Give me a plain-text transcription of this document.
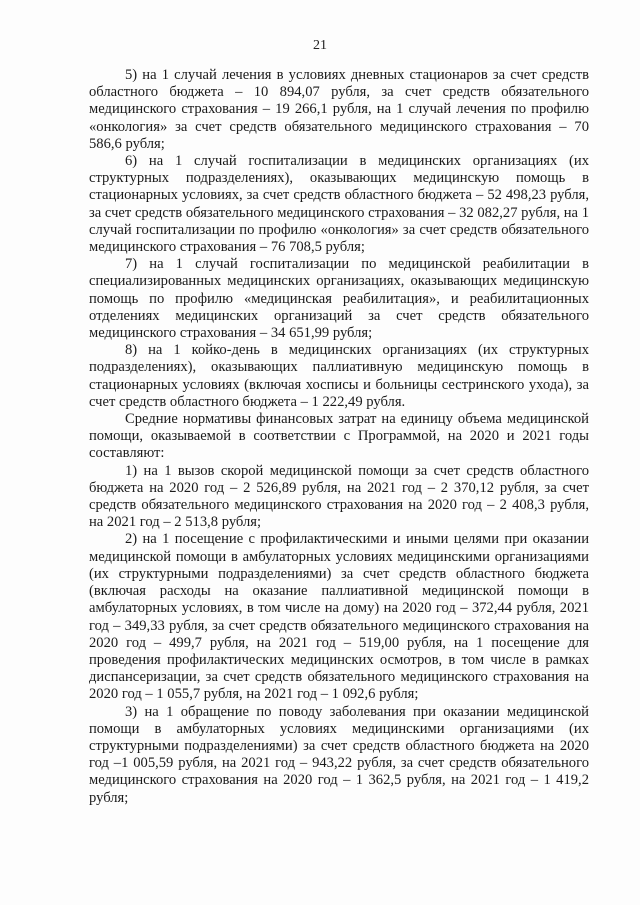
21

5) на 1 случай лечения в условиях дневных стационаров за счет средств областного бюджета – 10 894,07 рубля, за счет средств обязательного медицинского страхования – 19 266,1 рубля, на 1 случай лечения по профилю «онкология» за счет средств обязательного медицинского страхования – 70 586,6 рубля;

6) на 1 случай госпитализации в медицинских организациях (их структурных подразделениях), оказывающих медицинскую помощь в стационарных условиях, за счет средств областного бюджета – 52 498,23 рубля, за счет средств обязательного медицинского страхования – 32 082,27 рубля, на 1 случай госпитализации по профилю «онкология» за счет средств обязательного медицинского страхования – 76 708,5 рубля;

7) на 1 случай госпитализации по медицинской реабилитации в специализированных медицинских организациях, оказывающих медицинскую помощь по профилю «медицинская реабилитация», и реабилитационных отделениях медицинских организаций за счет средств обязательного медицинского страхования – 34 651,99 рубля;

8) на 1 койко-день в медицинских организациях (их структурных подразделениях), оказывающих паллиативную медицинскую помощь в стационарных условиях (включая хосписы и больницы сестринского ухода), за счет средств областного бюджета – 1 222,49 рубля.

Средние нормативы финансовых затрат на единицу объема медицинской помощи, оказываемой в соответствии с Программой, на 2020 и 2021 годы составляют:

1) на 1 вызов скорой медицинской помощи за счет средств областного бюджета на 2020 год – 2 526,89 рубля, на 2021 год – 2 370,12 рубля, за счет средств обязательного медицинского страхования на 2020 год – 2 408,3 рубля, на 2021 год – 2 513,8 рубля;

2) на 1 посещение с профилактическими и иными целями при оказании медицинской помощи в амбулаторных условиях медицинскими организациями (их структурными подразделениями) за счет средств областного бюджета (включая расходы на оказание паллиативной медицинской помощи в амбулаторных условиях, в том числе на дому) на 2020 год – 372,44 рубля, 2021 год – 349,33 рубля, за счет средств обязательного медицинского страхования на 2020 год – 499,7 рубля, на 2021 год – 519,00 рубля, на 1 посещение для проведения профилактических медицинских осмотров, в том числе в рамках диспансеризации, за счет средств обязательного медицинского страхования на 2020 год – 1 055,7 рубля, на 2021 год – 1 092,6 рубля;

3) на 1 обращение по поводу заболевания при оказании медицинской помощи в амбулаторных условиях медицинскими организациями (их структурными подразделениями) за счет средств областного бюджета на 2020 год –1 005,59 рубля, на 2021 год – 943,22 рубля, за счет средств обязательного медицинского страхования на 2020 год – 1 362,5 рубля, на 2021 год – 1 419,2 рубля;
